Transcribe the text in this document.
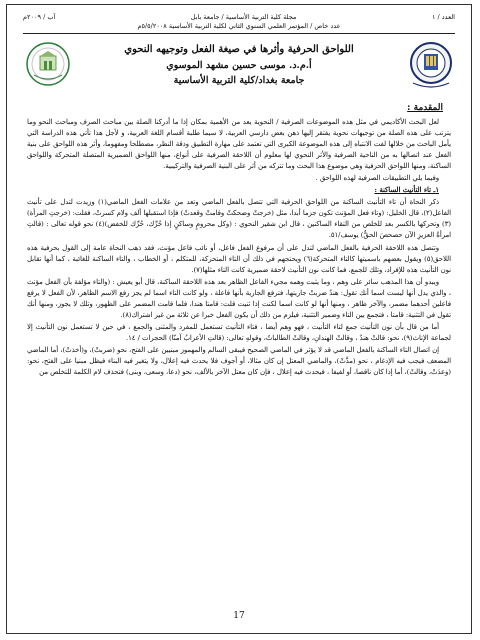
العدد / ١
مجلة كلية التربية الأساسية / جامعة بابل
آب / ٢٠٠٩م
عدد خاص / المؤتمر العلمي السنوي الثاني لكلية التربية الأساسية ٥/٥/٢٠٠٨م
اللواحق الحرفية وأثرها في صيغة الفعل وتوجيهه النحوي
أ.م.د. موسى حسين مشهد الموسوي
جامعة بغداد/كلية التربية الأساسية
المقدمة :

لعل البحث الأكاديمي في مثل هذه الموضوعات الصرفية / النحوية يعد من الأهمية بمكان إذا ما أدركنا الصلة بين مباحث الصرف ومباحث النحو وما يترتب على هذه الصلة من توجيهات نحوية يفتقر إليها ذهن بعض دارسي العربية، لا سيما طلبة أقسام اللغة العربية، و لأجل هذا تأتي هذه الدراسة التي يأمل الباحث من خلالها لفت الانتباه إلى هذه الموضوعة الكبرى التي تعتمد على مهارة التطبيق ودقة النظر، مصطلحا ومفهوما، وأثر هذه اللواحق على بنية الفعل عند اتصالها به من الناحية الصرفية والأثر النحوي لها معلوم أن اللاحقة الصرفية على أنواع، منها اللواحق الضميرية المتصلة المتحركة واللواحق الساكنة، ومنها اللواحق الحرفية وهي موضوع هذا البحث وما تتركه من أثر على البنية الصرفية والتركيبية.

وفيما يلي التطبيقات الصرفية لهذه اللواحق .

١ـ تاء التأنيث الساكنة :

ذكر النحاة أن تاء التأنيث الساكنة من اللواحق الحرفية التي تتصل بالفعل الماضي وتعد من علامات الفعل الماضي(١) وزيدت لتدل على تأنيث الفاعل(٢)، قال الخليل: (وتاء فعل المؤنث تكون جزما أبدا، مثل (خرجتْ وضحكتْ وقامتْ وقعدتْ) فإذا استقبلها ألف ولام كسرتْ، فقلت: (خرجتِ المرأة)(٣) وتحركها بالكسر بعد للخلص من التقاء الساكنين ، قال ابن شقير النحوي : (وكل محرومٍ وساكنٍ إذا حُرِّك، حُرِّك للخفض)(٤) نحو قوله تعالى : (قالتِ امرأةُ العزيزِ الآن حصحصَ الحقُّ) يوسف/٥١.

وتتصل هذه اللاحقة الحرفية بالفعل الماضي لتدل على أن مرفوع الفعل فاعل، أو نائب فاعل مؤنث، فقد ذهب النحاة عامة إلى القول بحرفية هذه اللاحق(٥) ويقول بعضهم باسميتها كالتاء المتحركة(٦) ويحتجهم في ذلك أن التاء المتحركة، للمتكلم ، أو الخطاب ، والتاء الساكنة للغائبة ، كما أنها تقابل نون التأنيث هذه للإفراد، وتلك للجمع، فما كانت نون التأنيث لاحقة ضميرية كانت التاء مثلها(٧).

ويبدو أن هذا المذهب سائر على وهم ، وما يثبت وهمه مجيء الفاعل الظاهر بعد هذه اللاحقة الساكنة، قال أبو يعيش : (والتاء مؤلفة بأن الفعل مؤنث ، والذي يدل أنها ليست اسما أنك تقول: هندٌ ضربتْ جاريتها، فترفع الجارية بأنها فاعلة ، ولو كانت التاء اسما لم يجز رفع الاسم الظاهر، لأن الفعل لا يرفع فاعلين أحدهما مضمر، والآخر ظاهر ، ومنها أنها لو كانت اسما لكنت إذا ثنيت قلت: قامتا هندا، فلما قامت المضمر على الظهور، وتلك لا يجوز، ومنها أنك تقول في التثنية: قامتا ، فتجمع بين التاء وضمير التثنية، فيلزم من ذلك أن يكون الفعل خبرا عن ثلاثة من غير اشتراك(٨).

أما من قال بأن نون التأنيث جمع لتاء التأنيث ، فهو وهم أيضا ، فتاء التأنيث تستعمل للمفرد والمثنى والجمع ، في حين لا تستعمل نون التأنيث إلا لجماعة الإناث(٩)، نحو: قالتْ هندٌ ، وقالتْ الهندانِ، وقالتْ الطالباتُ، وقولهِ تعالى: (قالتِ الأعرابُ آمنّا) الحجرات / ١٤.

إن اتصال التاء الساكنة بالفعل الماضي قد لا يؤثر في الماضي الصحيح فيبقى السالم والمهموز مبنيين على الفتح، نحو (ضربتْ)، و(أخذتْ)، أما الماضي المضعف فيجب فيه الإدغام ، نحو (مدَّتْ)، والماضي المعتل إن كان مثالا، أو أجوف فلا يحدث فيه إعلال، ولا يتغير فيه البناء فيظل مبنيا على الفتح، نحو: (وعدَتْ، وقالتْ)، أما إذا كان ناقصا، أو لفيفا ، فيحدث فيه إعلال ، فإن كان معتل الآخر بالألف، نحو (دعا، وسعى، وبنى) فتحذف لام الكلمة للتخلص من

17
